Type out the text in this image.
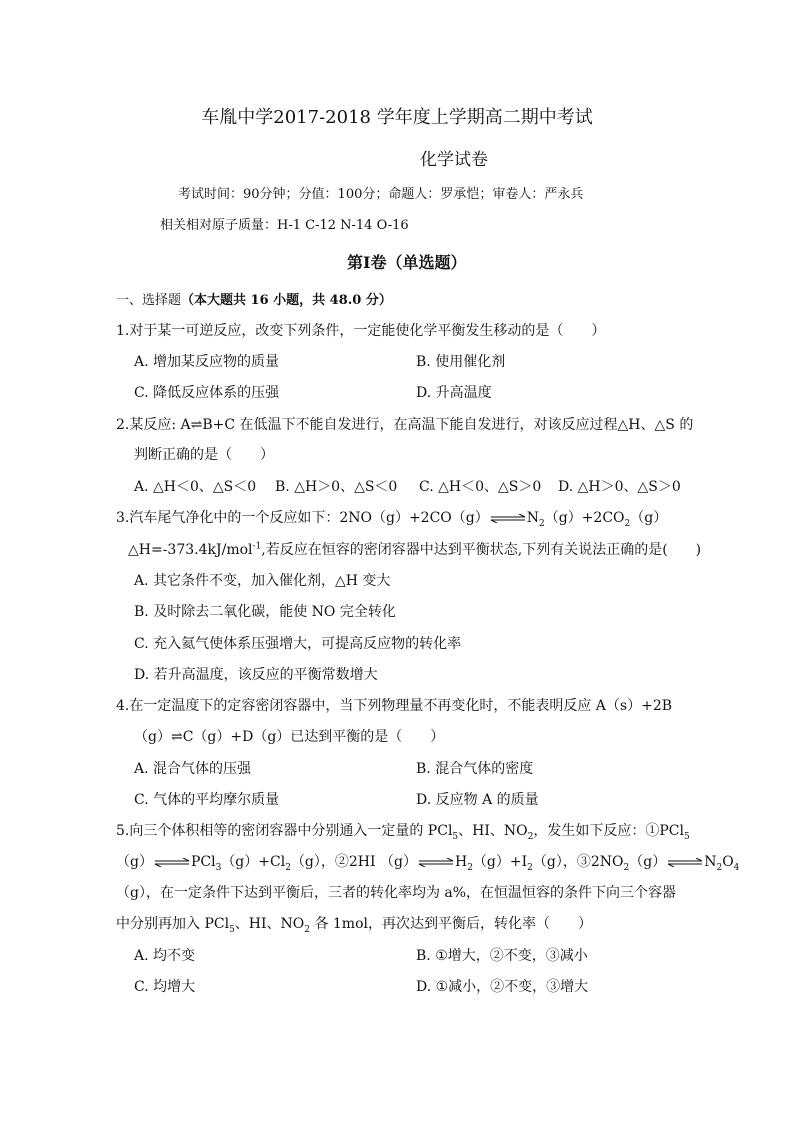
车胤中学2017-2018 学年度上学期高二期中考试
化学试卷
考试时间：90分钟；分值：100分；命题人：罗承恺；审卷人：严永兵
相关相对原子质量：H-1 C-12 N-14 O-16
第I卷（单选题）
一、选择题（本大题共 16 小题，共 48.0 分）
1.对于某一可逆反应，改变下列条件，一定能使化学平衡发生移动的是（　　）
A. 增加某反应物的质量	B. 使用催化剂
C. 降低反应体系的压强	D. 升高温度
2.某反应: A⇌B+C 在低温下不能自发进行，在高温下能自发进行，对该反应过程△H、△S 的
判断正确的是（　　）
A. △H＜0、△S＜0 B. △H＞0、△S＜0 C. △H＜0、△S＞0 D. △H＞0、△S＞0
3.汽车尾气净化中的一个反应如下：$2NO(g)+2CO(g)\rightleftharpoons N_2(g)+2CO_2(g)$
△H=-373.4kJ/mol$^{-1}$,若反应在恒容的密闭容器中达到平衡状态,下列有关说法正确的是(　　)
A. 其它条件不变，加入催化剂，△H 变大
B. 及时除去二氧化碳，能使 NO 完全转化
C. 充入氦气使体系压强增大，可提高反应物的转化率
D. 若升高温度，该反应的平衡常数增大
4.在一定温度下的定容密闭容器中，当下列物理量不再变化时，不能表明反应 A（s）+2B
（g）⇌C（g）+D（g）已达到平衡的是（　　）
A. 混合气体的压强	B. 混合气体的密度
C. 气体的平均摩尔质量	D. 反应物 A 的质量
5.向三个体积相等的密闭容器中分别通入一定量的 PCl$_5$、HI、$NO_2$，发生如下反应：①PCl$_5$
$(g)\rightleftharpoons PCl_3(g)+Cl_2(g)$，②2HI $(g)\rightleftharpoons H_2(g)+I_2(g)$，$③2NO_2(g)\rightleftharpoons N_2O_4$
（g），在一定条件下达到平衡后，三者的转化率均为 a%，在恒温恒容的条件下向三个容器
中分别再加入 PCl$_5$、HI、$NO_2$ 各 1mol，再次达到平衡后，转化率（　　）
A. 均不变	B. ①增大，②不变，③减小
C. 均增大	D. ①减小，②不变，③增大
